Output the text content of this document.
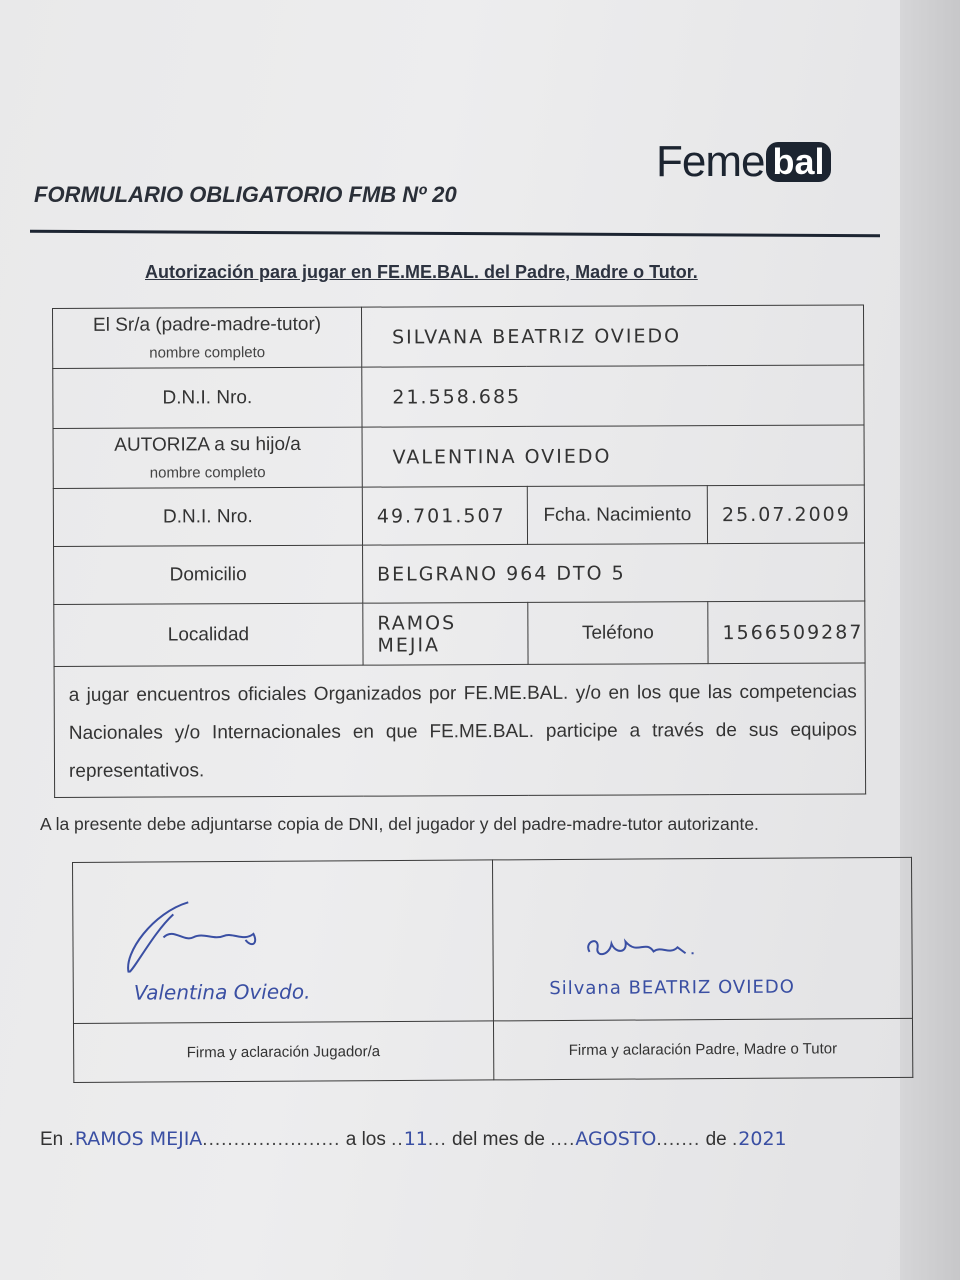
Feme bal
FORMULARIO OBLIGATORIO FMB Nº 20
Autorización para jugar en FE.ME.BAL. del Padre, Madre o Tutor.
El Sr/a (padre-madre-tutor)
nombre completo	SILVANA BEATRIZ OVIEDO		
D.N.I. Nro.	21.558.685		
AUTORIZA a su hijo/a
nombre completo	VALENTINA OVIEDO		
D.N.I. Nro.	49.701.507	Fcha. Nacimiento	25.07.2009
Domicilio	BELGRANO 964 DTO 5		
Localidad	RAMOS MEJIA	Teléfono	1566509287
a jugar encuentros oficiales Organizados por FE.ME.BAL. y/o en los que las competencias Nacionales y/o Internacionales en que FE.ME.BAL. participe a través de sus equipos representativos.			
A la presente debe adjuntarse copia de DNI, del jugador y del padre-madre-tutor autorizante.
Valentina Oviedo.	Silvana BEATRIZ OVIEDO

Firma y aclaración Jugador/a	Firma y aclaración Padre, Madre o Tutor
En .RAMOS MEJIA...................... a los ..11... del mes de ....AGOSTO....... de .2021
